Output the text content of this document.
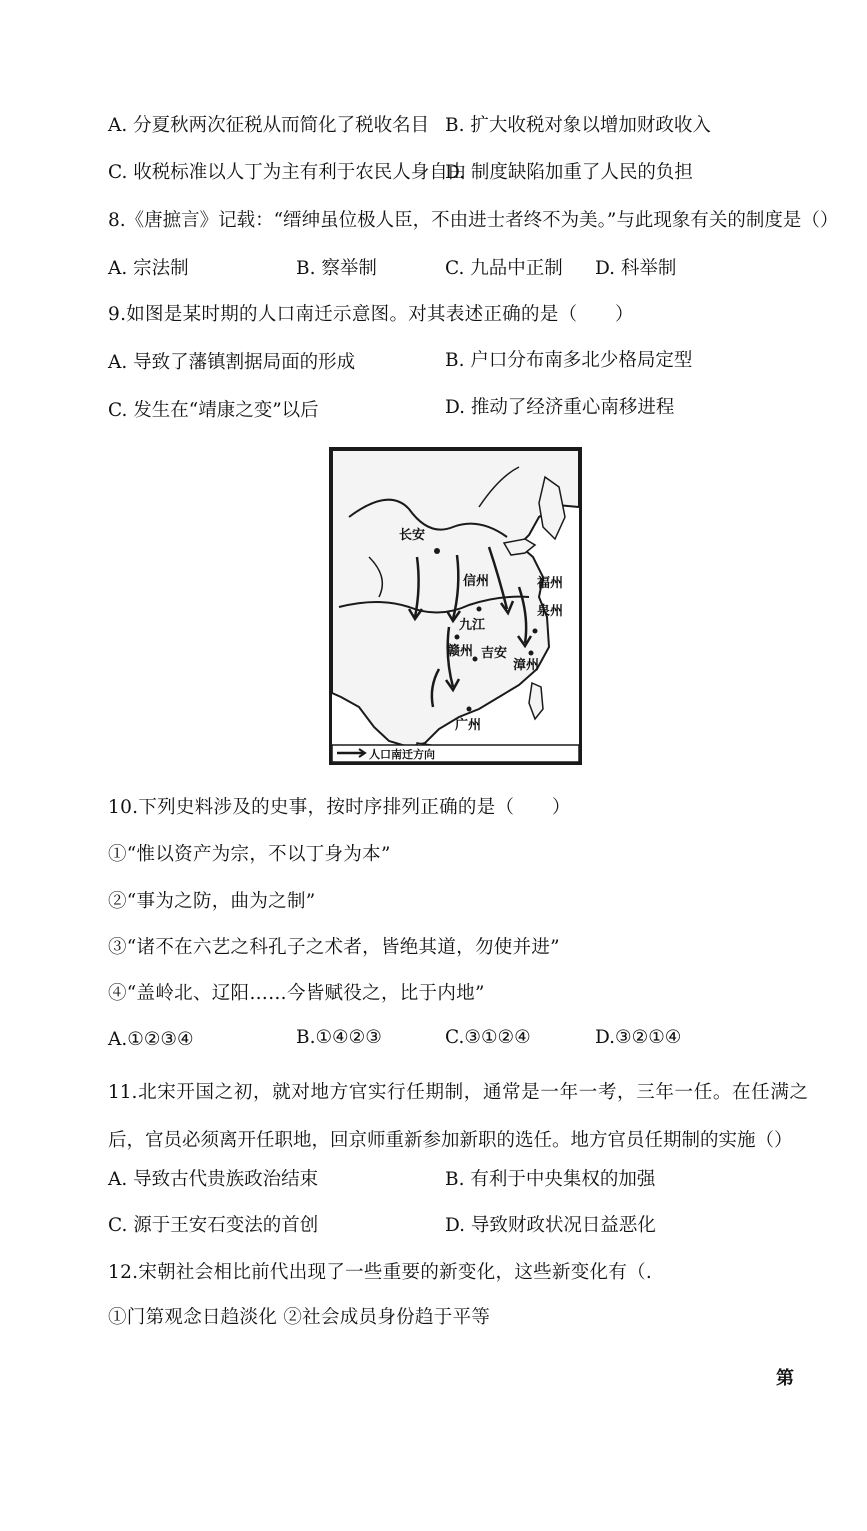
A. 分夏秋两次征税从而简化了税收名目 B. 扩大收税对象以增加财政收入
C. 收税标准以人丁为主有利于农民人身自由
D. 制度缺陷加重了人民的负担
8.《唐摭言》记载：“缙绅虽位极人臣，不由进士者终不为美。”与此现象有关的制度是（）
A. 宗法制	B. 察举制	C. 九品中正制 D. 科举制
9.如图是某时期的人口南迁示意图。对其表述正确的是（　　）
A. 导致了藩镇割据局面的形成	B. 户口分布南多北少格局定型
C. 发生在“靖康之变”以后	D. 推动了经济重心南移进程
长安
九江
赣州 吉安
广州
漳州
泉州
福州
信州
人口南迁方向
10.下列史料涉及的史事，按时序排列正确的是（　　）
①“惟以资产为宗，不以丁身为本”
②“事为之防，曲为之制”
③“诸不在六艺之科孔子之术者，皆绝其道，勿使并进”
④“盖岭北、辽阳……今皆赋役之，比于内地”
A.①②③④	B.①④②③	C.③①②④	D.③②①④
11.北宋开国之初，就对地方官实行任期制，通常是一年一考，三年一任。在任满之后，官员必须离开任职地，回京师重新参加新职的选任。地方官员任期制的实施（）
A. 导致古代贵族政治结束	B. 有利于中央集权的加强
C. 源于王安石变法的首创	D. 导致财政状况日益恶化
12.宋朝社会相比前代出现了一些重要的新变化，这些新变化有（.
①门第观念日趋淡化 ②社会成员身份趋于平等
第
